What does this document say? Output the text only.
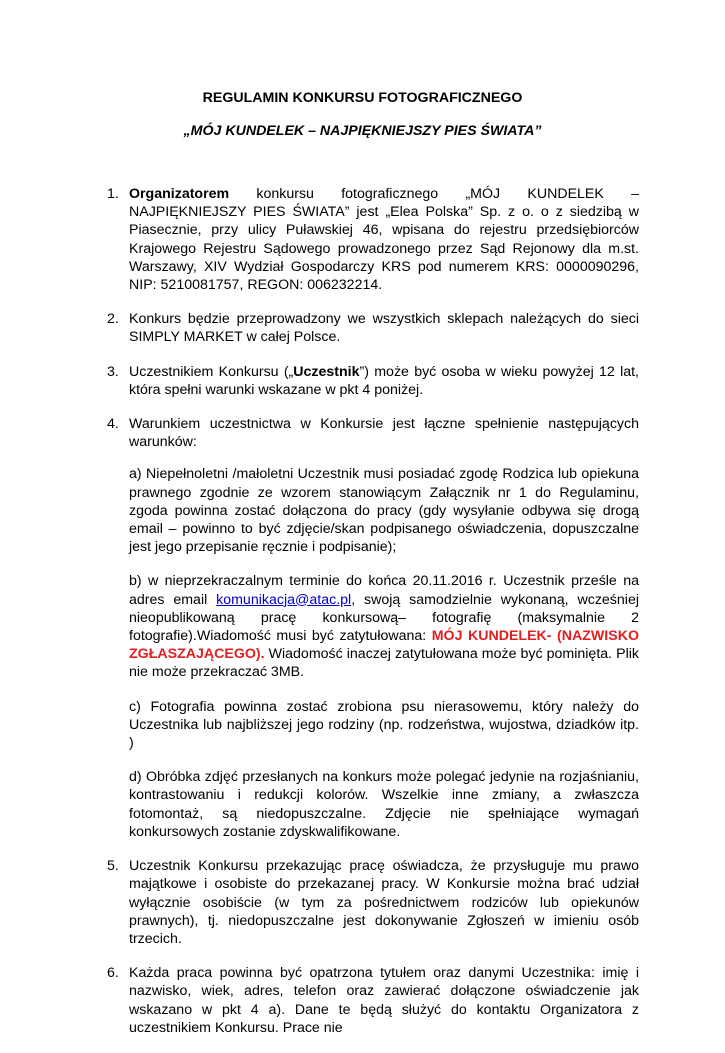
REGULAMIN KONKURSU FOTOGRAFICZNEGO
„MÓJ KUNDELEK – NAJPIĘKNIEJSZY PIES ŚWIATA”
1. Organizatorem konkursu fotograficznego „MÓJ KUNDELEK – NAJPIĘKNIEJSZY PIES ŚWIATA” jest „Elea Polska” Sp. z o. o z siedzibą w Piasecznie, przy ulicy Puławskiej 46, wpisana do rejestru przedsiębiorców Krajowego Rejestru Sądowego prowadzonego przez Sąd Rejonowy dla m.st. Warszawy, XIV Wydział Gospodarczy KRS pod numerem KRS: 0000090296, NIP: 5210081757, REGON: 006232214.
2. Konkurs będzie przeprowadzony we wszystkich sklepach należących do sieci SIMPLY MARKET w całej Polsce.
3. Uczestnikiem Konkursu („Uczestnik”) może być osoba w wieku powyżej 12 lat, która spełni warunki wskazane w pkt 4 poniżej.
4. Warunkiem uczestnictwa w Konkursie jest łączne spełnienie następujących warunków:
a) Niepełnoletni /małoletni Uczestnik musi posiadać zgodę Rodzica lub opiekuna prawnego zgodnie ze wzorem stanowiącym Załącznik nr 1 do Regulaminu, zgoda powinna zostać dołączona do pracy (gdy wysyłanie odbywa się drogą email – powinno to być zdjęcie/skan podpisanego oświadczenia, dopuszczalne jest jego przepisanie ręcznie i podpisanie);
b) w nieprzekraczalnym terminie do końca 20.11.2016 r. Uczestnik prześle na adres email komunikacja@atac.pl, swoją samodzielnie wykonaną, wcześniej nieopublikowaną pracę konkursową– fotografię (maksymalnie 2 fotografie).Wiadomość musi być zatytułowana: MÓJ KUNDELEK- (NAZWISKO ZGŁASZAJĄCEGO). Wiadomość inaczej zatytułowana może być pominięta. Plik nie może przekraczać 3MB.
c) Fotografia powinna zostać zrobiona psu nierasowemu, który należy do Uczestnika lub najbliższej jego rodziny (np. rodzeństwa, wujostwa, dziadków itp. )
d) Obróbka zdjęć przesłanych na konkurs może polegać jedynie na rozjaśnianiu, kontrastowaniu i redukcji kolorów. Wszelkie inne zmiany, a zwłaszcza fotomontaż, są niedopuszczalne. Zdjęcie nie spełniające wymagań konkursowych zostanie zdyskwalifikowane.
5. Uczestnik Konkursu przekazując pracę oświadcza, że przysługuje mu prawo majątkowe i osobiste do przekazanej pracy. W Konkursie można brać udział wyłącznie osobiście (w tym za pośrednictwem rodziców lub opiekunów prawnych), tj. niedopuszczalne jest dokonywanie Zgłoszeń w imieniu osób trzecich.
6. Każda praca powinna być opatrzona tytułem oraz danymi Uczestnika: imię i nazwisko, wiek, adres, telefon oraz zawierać dołączone oświadczenie jak wskazano w pkt 4 a). Dane te będą służyć do kontaktu Organizatora z uczestnikiem Konkursu. Prace nie
